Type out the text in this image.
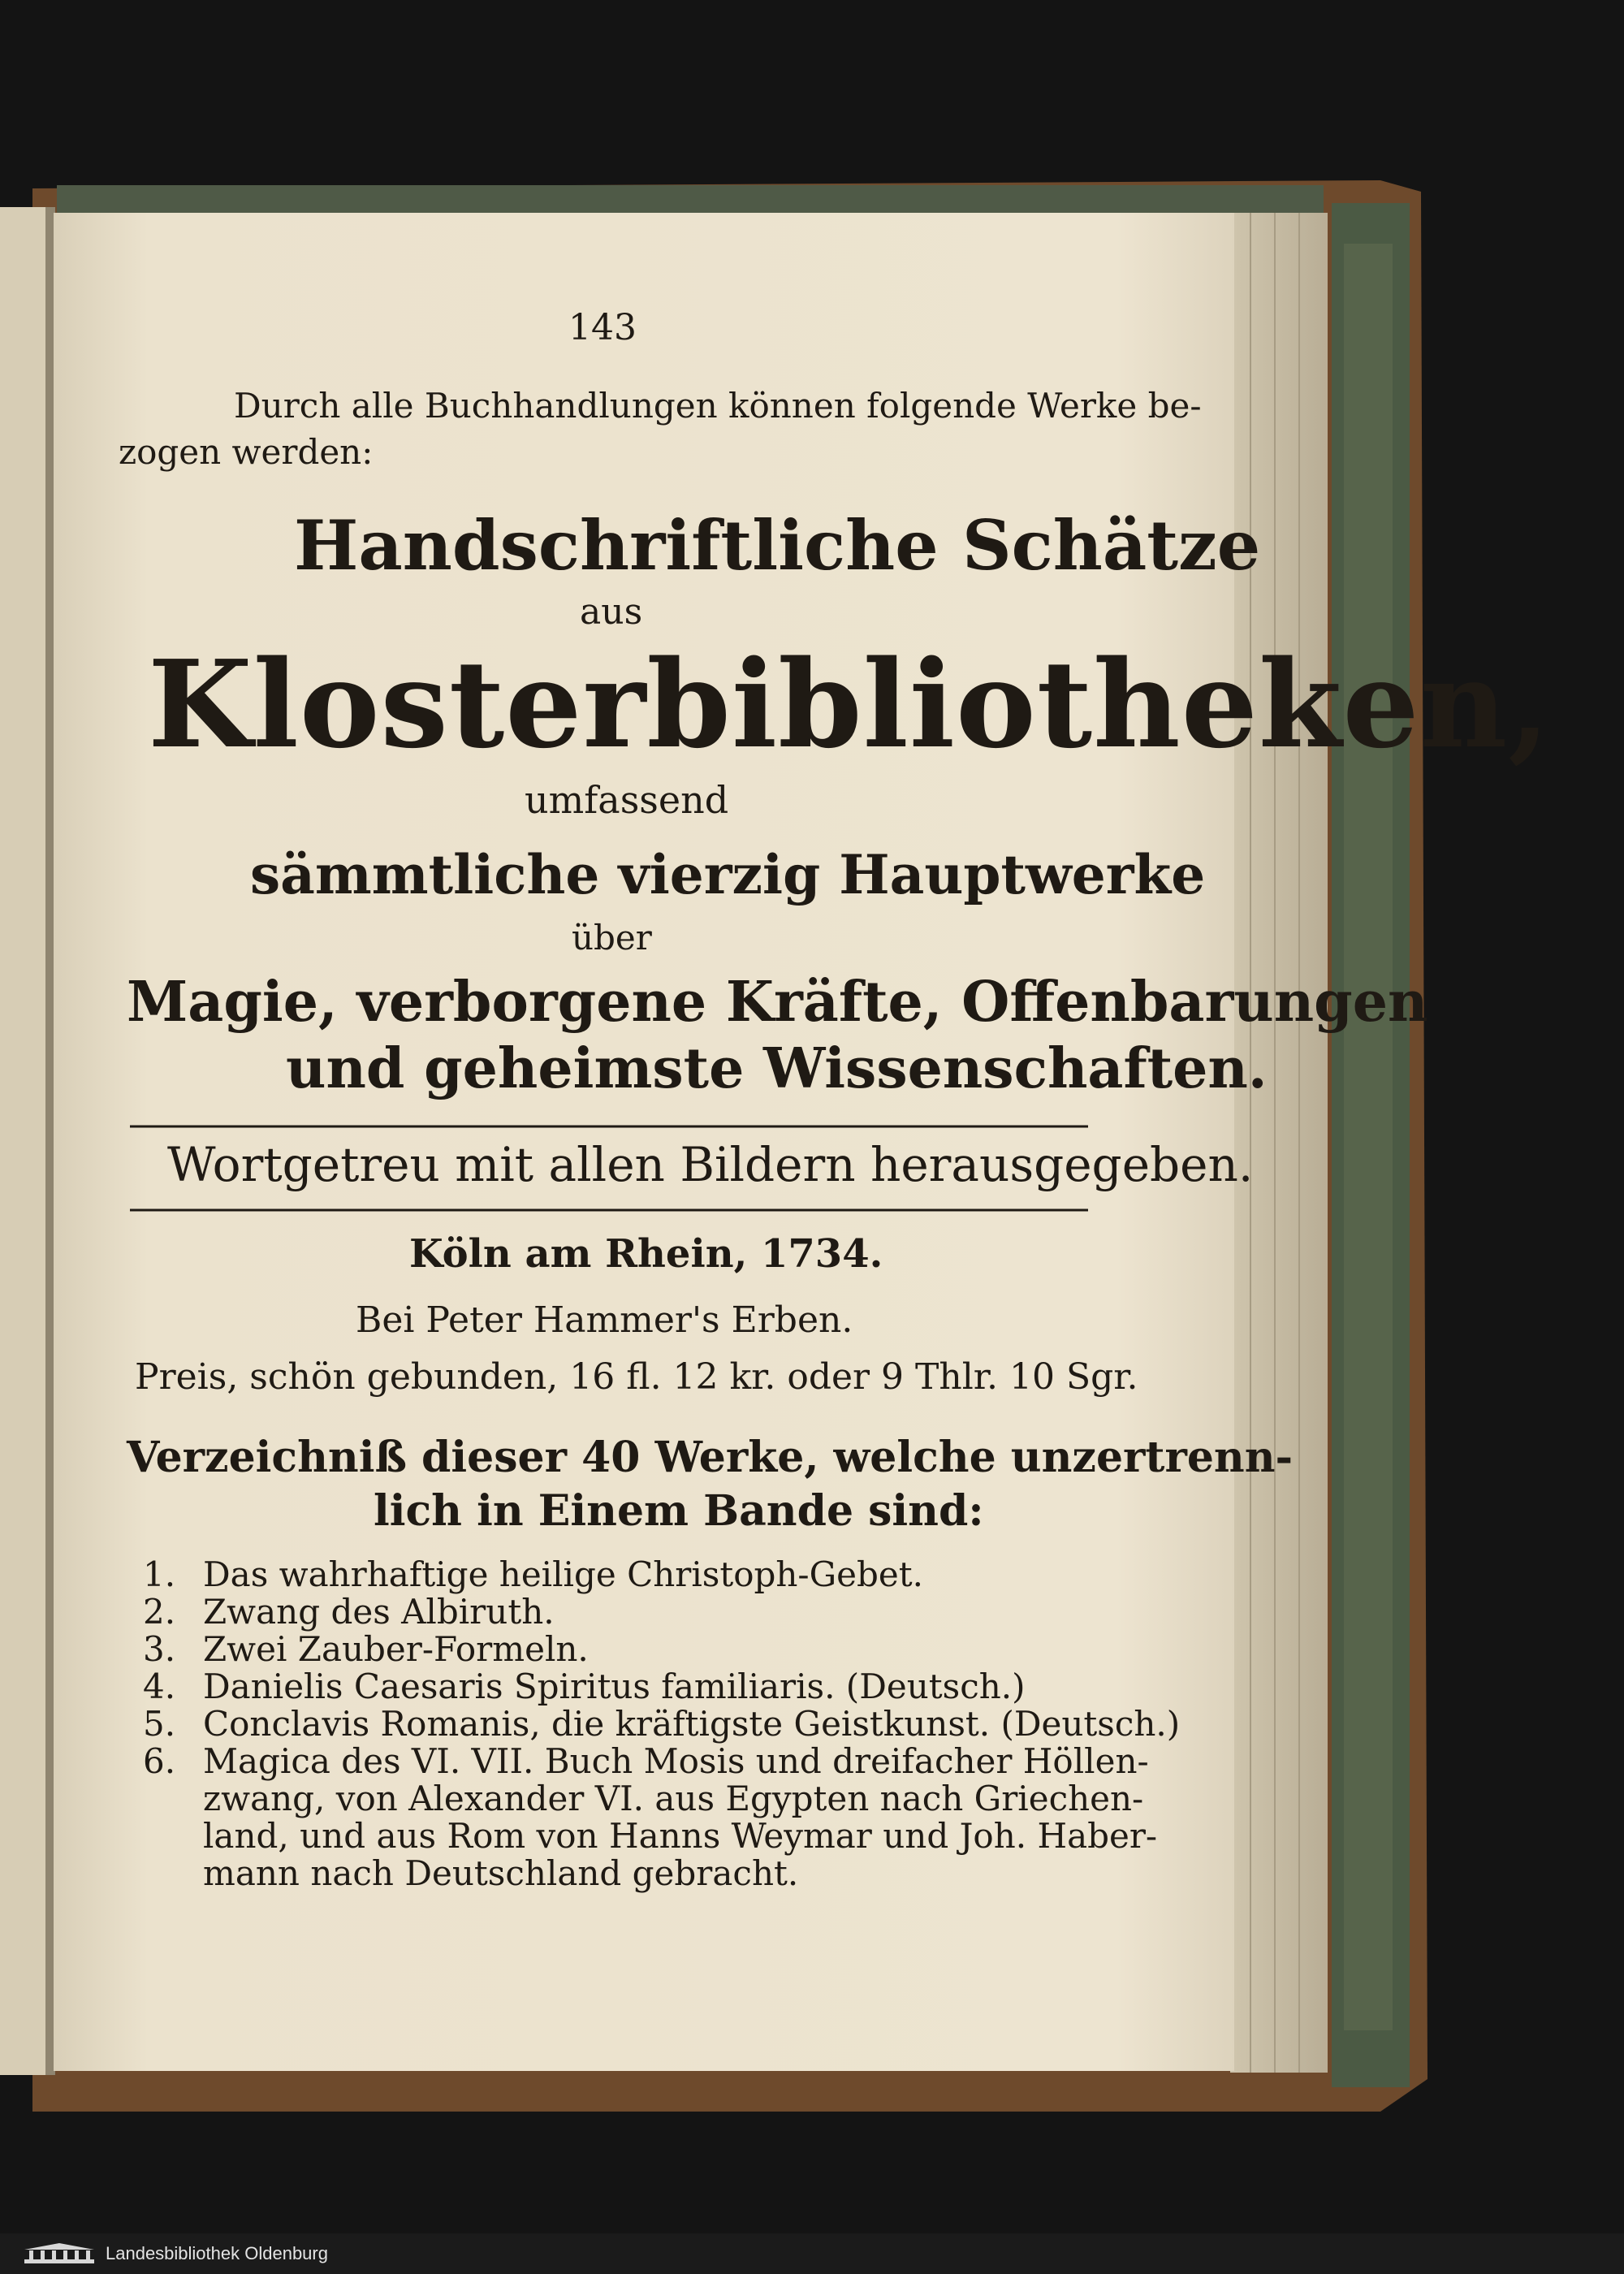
143
Durch alle Buchhandlungen können folgende Werke be-
zogen werden:
Handschriftliche Schätze
aus
Klosterbibliotheken,
umfassend
sämmtliche vierzig Hauptwerke
über
Magie, verborgene Kräfte, Offenbarungen
und geheimste Wissenschaften.
Wortgetreu mit allen Bildern herausgegeben.
Köln am Rhein, 1734.
Bei Peter Hammer's Erben.
Preis, schön gebunden, 16 fl. 12 kr. oder 9 Thlr. 10 Sgr.
Verzeichniß dieser 40 Werke, welche unzertrenn-
lich in Einem Bande sind:
1. Das wahrhaftige heilige Christoph-Gebet.
2. Zwang des Albiruth.
3. Zwei Zauber-Formeln.
4. Danielis Caesaris Spiritus familiaris. (Deutsch.)
5. Conclavis Romanis, die kräftigste Geistkunst. (Deutsch.)
6. Magica des VI. VII. Buch Mosis und dreifacher Höllen-
zwang, von Alexander VI. aus Egypten nach Griechen-
land, und aus Rom von Hanns Weymar und Joh. Haber-
mann nach Deutschland gebracht.
Landesbibliothek Oldenburg
